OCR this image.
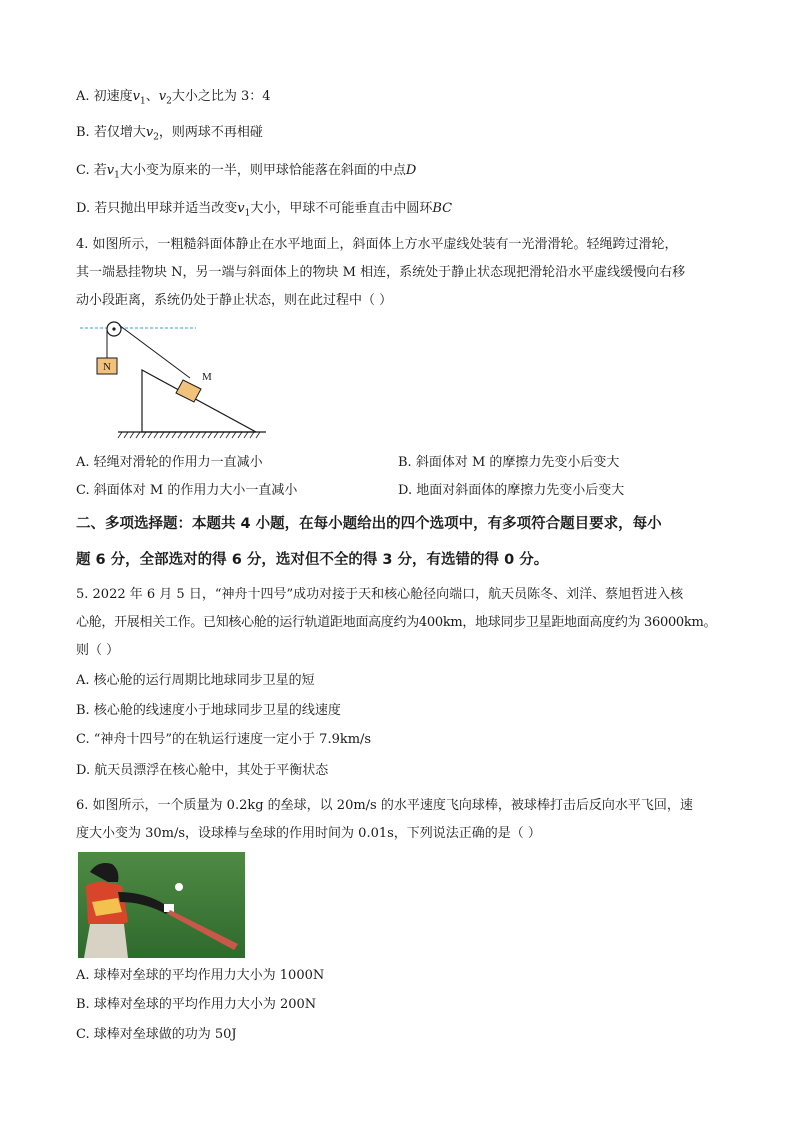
A. 初速度$v_1$、$v_2$大小之比为 3：4
B. 若仅增大$v_2$，则两球不再相碰
C. 若$v_1$大小变为原来的一半，则甲球恰能落在斜面的中点D
D. 若只抛出甲球并适当改变$v_1$大小，甲球不可能垂直击中圆环BC
4. 如图所示，一粗糙斜面体静止在水平地面上，斜面体上方水平虚线处装有一光滑滑轮。轻绳跨过滑轮，
其一端悬挂物块 N，另一端与斜面体上的物块 M 相连，系统处于静止状态现把滑轮沿水平虚线缓慢向右移
动小段距离，系统仍处于静止状态，则在此过程中（ ）
N
M
A. 轻绳对滑轮的作用力一直减小	B. 斜面体对 M 的摩擦力先变小后变大
C. 斜面体对 M 的作用力大小一直减小	D. 地面对斜面体的摩擦力先变小后变大
二、多项选择题：本题共 4 小题，在每小题给出的四个选项中，有多项符合题目要求，每小
题 6 分，全部选对的得 6 分，选对但不全的得 3 分，有选错的得 0 分。
5. 2022 年 6 月 5 日，“神舟十四号”成功对接于天和核心舱径向端口，航天员陈冬、刘洋、蔡旭哲进入核
心舱，开展相关工作。已知核心舱的运行轨道距地面高度约为400km，地球同步卫星距地面高度约为 36000km。
则（ ）
A. 核心舱的运行周期比地球同步卫星的短
B. 核心舱的线速度小于地球同步卫星的线速度
C. “神舟十四号”的在轨运行速度一定小于 7.9km/s
D. 航天员漂浮在核心舱中，其处于平衡状态
6. 如图所示，一个质量为 0.2kg 的垒球，以 20m/s 的水平速度飞向球棒，被球棒打击后反向水平飞回，速
度大小变为 30m/s，设球棒与垒球的作用时间为 0.01s，下列说法正确的是（ ）
A. 球棒对垒球的平均作用力大小为 1000N
B. 球棒对垒球的平均作用力大小为 200N
C. 球棒对垒球做的功为 50J
